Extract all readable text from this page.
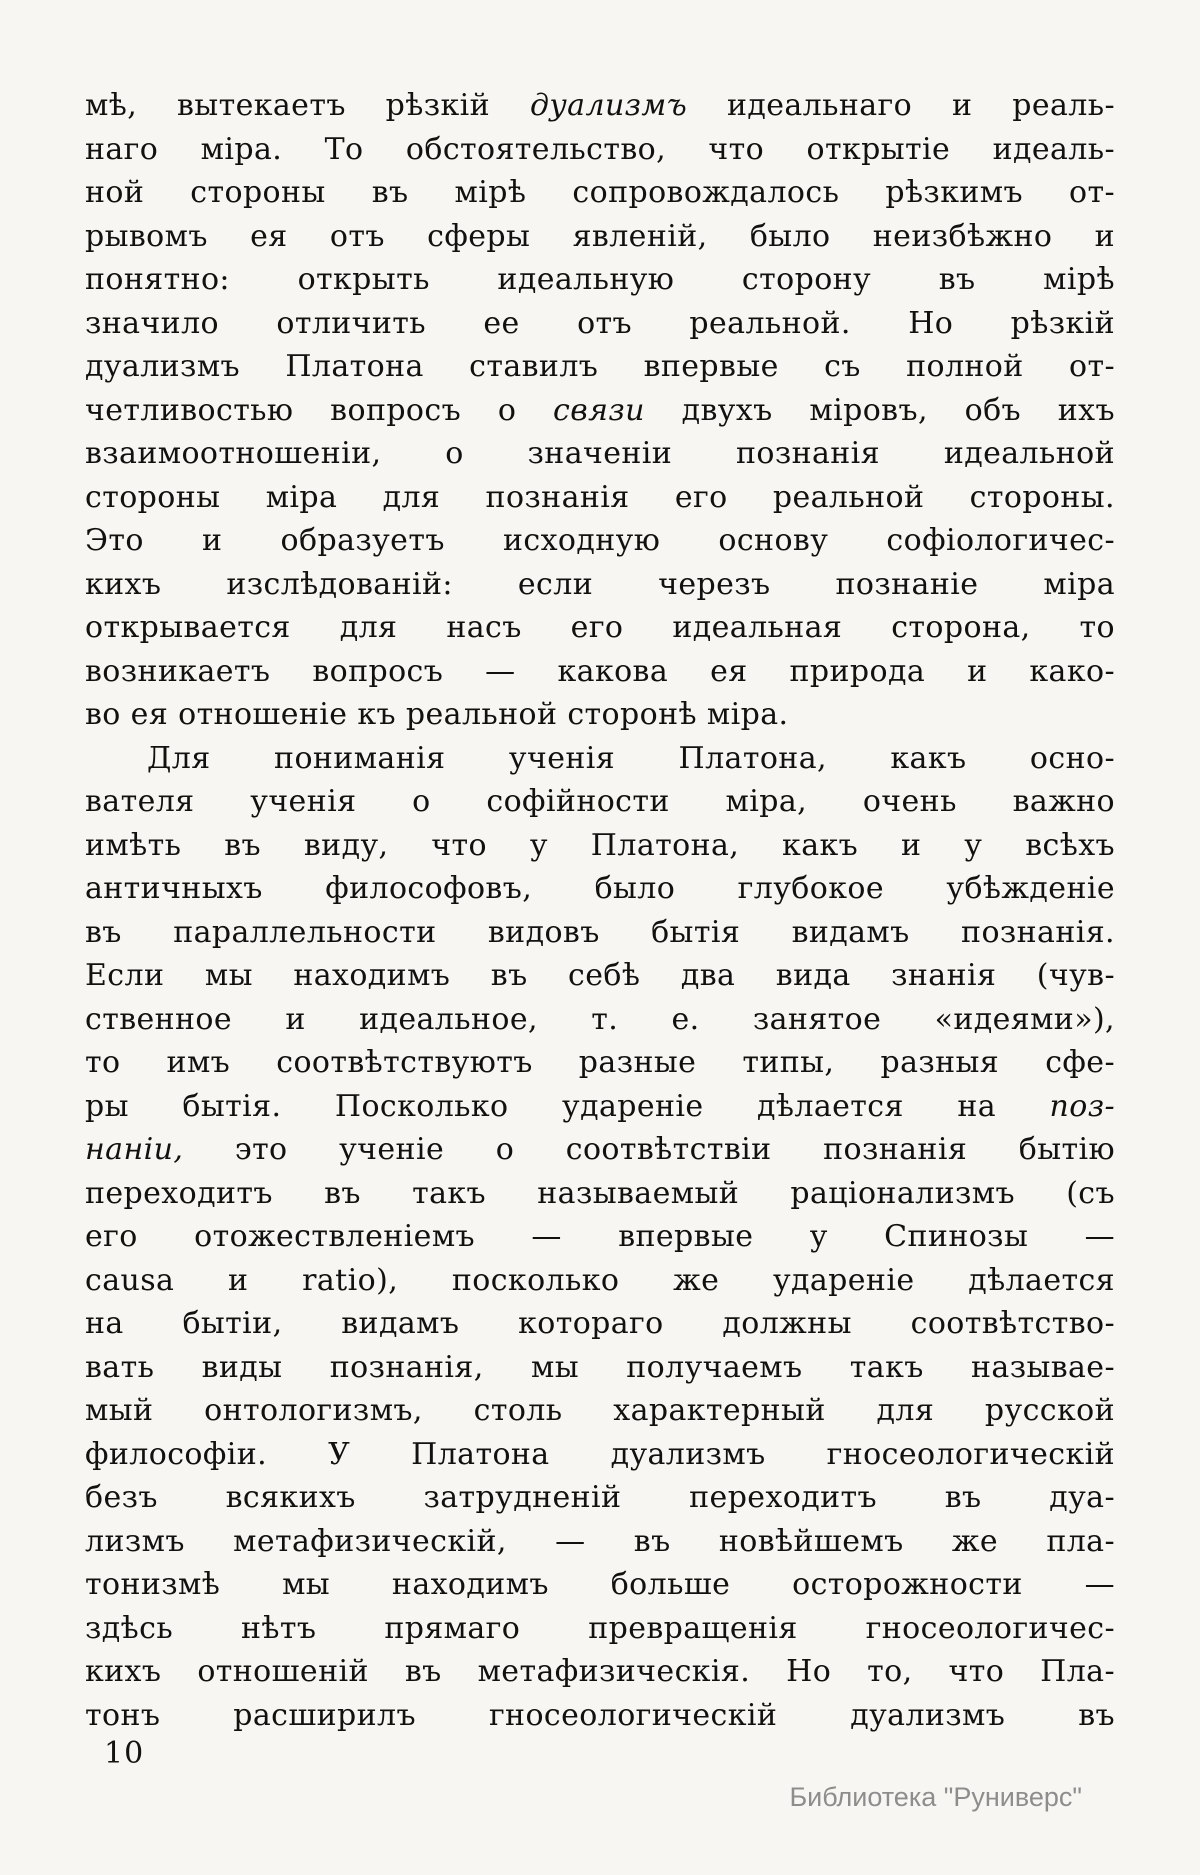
мѣ, вытекаетъ рѣзкій дуализмъ идеальнаго и реаль-
наго міра. То обстоятельство, что открытіе идеаль-
ной стороны въ мірѣ сопровождалось рѣзкимъ от-
рывомъ ея отъ сферы явленій, было неизбѣжно и
понятно: открыть идеальную сторону въ мірѣ
значило отличить ее отъ реальной. Но рѣзкій
дуализмъ Платона ставилъ впервые съ полной от-
четливостью вопросъ о связи двухъ міровъ, объ ихъ
взаимоотношеніи, о значеніи познанія идеальной
стороны міра для познанія его реальной стороны.
Это и образуетъ исходную основу софіологичес-
кихъ изслѣдованій: если черезъ познаніе міра
открывается для насъ его идеальная сторона, то
возникаетъ вопросъ — какова ея природа и како-
во ея отношеніе къ реальной сторонѣ міра.
Для пониманія ученія Платона, какъ осно-
вателя ученія о софійности міра, очень важно
имѣть въ виду, что у Платона, какъ и у всѣхъ
античныхъ философовъ, было глубокое убѣжденіе
въ параллельности видовъ бытія видамъ познанія.
Если мы находимъ въ себѣ два вида знанія (чув-
ственное и идеальное, т. е. занятое «идеями»),
то имъ соотвѣтствуютъ разные типы, разныя сфе-
ры бытія. Посколько удареніе дѣлается на поз-
наніи, это ученіе о соотвѣтствіи познанія бытію
переходитъ въ такъ называемый раціонализмъ (съ
его отожествленіемъ — впервые у Спинозы —
causa и ratio), посколько же удареніе дѣлается
на бытіи, видамъ котораго должны соотвѣтство-
вать виды познанія, мы получаемъ такъ называе-
мый онтологизмъ, столь характерный для русской
философіи. У Платона дуализмъ гносеологическій
безъ всякихъ затрудненій переходитъ въ дуа-
лизмъ метафизическій, — въ новѣйшемъ же пла-
тонизмѣ мы находимъ больше осторожности —
здѣсь нѣтъ прямаго превращенія гносеологичес-
кихъ отношеній въ метафизическія. Но то, что Пла-
тонъ расширилъ гносеологическій дуализмъ въ
10
Библиотека "Руниверс"
